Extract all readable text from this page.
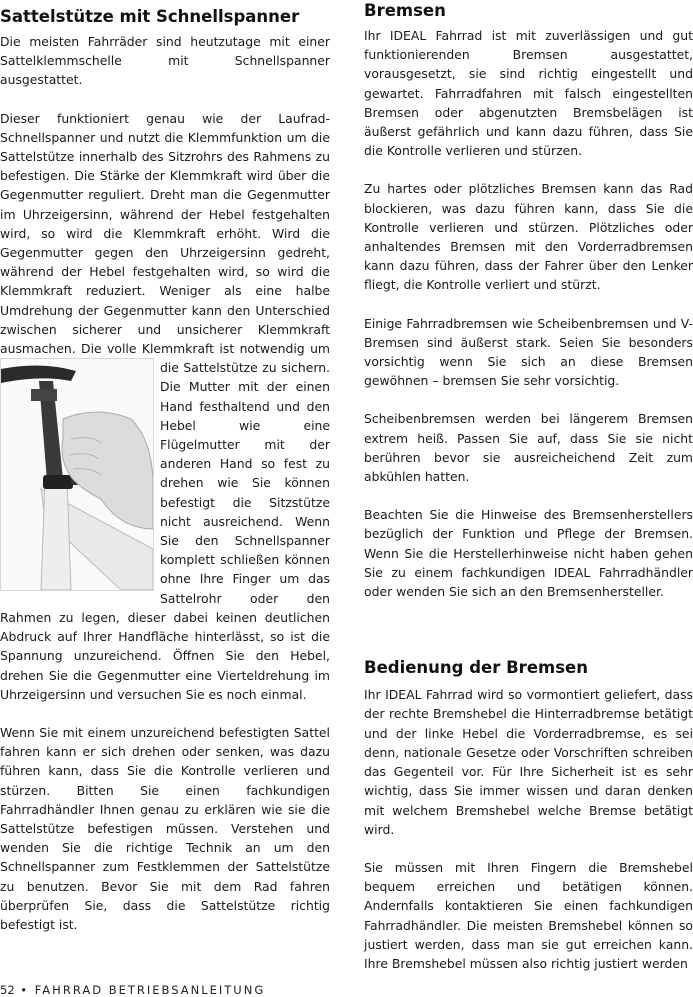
Sattelstütze mit Schnellspanner

Die meisten Fahrräder sind heutzutage mit einer Sattelklemmschelle mit Schnellspanner ausgestattet.

Dieser funktioniert genau wie der Laufrad-Schnellspanner und nutzt die Klemmfunktion um die Sattelstütze innerhalb des Sitzrohrs des Rahmens zu befestigen. Die Stärke der Klemmkraft wird über die Gegenmutter reguliert. Dreht man die Gegenmutter im Uhrzeigersinn, während der Hebel festgehalten wird, so wird die Klemmkraft erhöht. Wird die Gegenmutter gegen den Uhrzeigersinn gedreht, während der Hebel festgehalten wird, so wird die Klemmkraft reduziert. Weniger als eine halbe Umdrehung der Gegenmutter kann den Unterschied zwischen sicherer und unsicherer Klemmkraft ausmachen. Die volle Klemmkraft ist notwendig
um die Sattelstütze zu sichern. Die Mutter mit der einen Hand festhaltend und den Hebel wie eine Flügelmutter mit der anderen Hand so fest zu drehen wie Sie können befestigt die Sitzstütze nicht ausreichend. Wenn Sie den Schnellspanner komplett schließen können ohne Ihre Finger um das Sattelrohr oder den Rahmen zu legen, dieser dabei keinen deutlichen Abdruck auf Ihrer Handfläche hinterlässt, so ist die Spannung unzureichend. Öffnen Sie den Hebel, drehen Sie die Gegenmutter eine Vierteldrehung im Uhrzeigersinn und versuchen Sie es noch einmal.

Wenn Sie mit einem unzureichend befestigten Sattel fahren kann er sich drehen oder senken, was dazu führen kann, dass Sie die Kontrolle verlieren und stürzen. Bitten Sie einen fachkundigen Fahrradhändler Ihnen genau zu erklären wie sie die Sattelstütze befestigen müssen. Verstehen und wenden Sie die richtige Technik an um den Schnellspanner zum Festklemmen der Sattelstütze zu benutzen. Bevor Sie mit dem Rad fahren überprüfen Sie, dass die Sattelstütze richtig befestigt ist.

Bremsen

Ihr IDEAL Fahrrad ist mit zuverlässigen und gut funktionierenden Bremsen ausgestattet, vorausgesetzt, sie sind richtig eingestellt und gewartet. Fahrradfahren mit falsch eingestellten Bremsen oder abgenutzten Bremsbelägen ist äußerst gefährlich und kann dazu führen, dass Sie die Kontrolle verlieren und stürzen.

Zu hartes oder plötzliches Bremsen kann das Rad blockieren, was dazu führen kann, dass Sie die Kontrolle verlieren und stürzen. Plötzliches oder anhaltendes Bremsen mit den Vorderradbremsen kann dazu führen, dass der Fahrer über den Lenker fliegt, die Kontrolle verliert und stürzt.

Einige Fahrradbremsen wie Scheibenbremsen und V-Bremsen sind äußerst stark. Seien Sie besonders vorsichtig wenn Sie sich an diese Bremsen gewöhnen – bremsen Sie sehr vorsichtig.

Scheibenbremsen werden bei längerem Bremsen extrem heiß. Passen Sie auf, dass Sie sie nicht berühren bevor sie ausreicheichend Zeit zum abkühlen hatten.

Beachten Sie die Hinweise des Bremsenherstellers bezüglich der Funktion und Pflege der Bremsen. Wenn Sie die Herstellerhinweise nicht haben gehen Sie zu einem fachkundigen IDEAL Fahrradhändler oder wenden Sie sich an den Bremsenhersteller.

Bedienung der Bremsen

Ihr IDEAL Fahrrad wird so vormontiert geliefert, dass der rechte Bremshebel die Hinterradbremse betätigt und der linke Hebel die Vorderradbremse, es sei denn, nationale Gesetze oder Vorschriften schreiben das Gegenteil vor. Für Ihre Sicherheit ist es sehr wichtig, dass Sie immer wissen und daran denken mit welchem Bremshebel welche Bremse betätigt wird.

Sie müssen mit Ihren Fingern die Bremshebel bequem erreichen und betätigen können. Andernfalls kontaktieren Sie einen fachkundigen Fahrradhändler. Die meisten Bremshebel können so justiert werden, dass man sie gut erreichen kann. Ihre Bremshebel müssen also richtig justiert werden

52 • FAHRRAD BETRIEBSANLEITUNG
